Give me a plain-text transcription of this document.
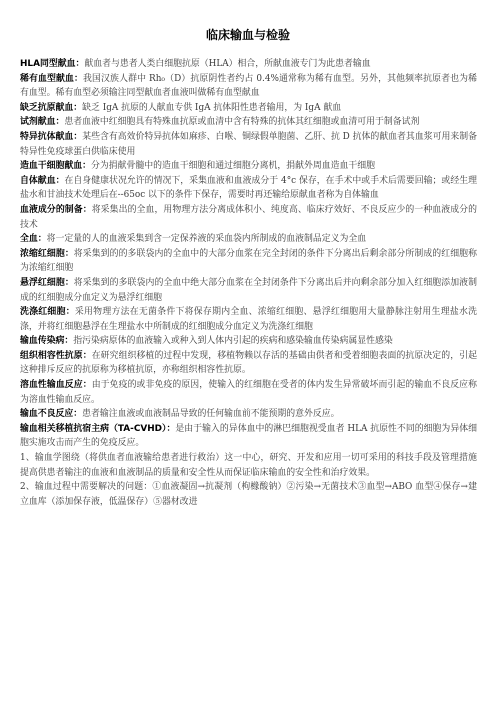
临床输血与检验

HLA同型献血：献血者与患者人类白细胞抗原（HLA）相合，所献血液专门为此患者输血

稀有血型献血：我国汉族人群中 Rh₀（D）抗原阴性者约占 0.4%通常称为稀有血型。另外，其他频率抗原者也为稀有血型。稀有血型必须输注同型献血者血液叫做稀有血型献血

缺乏抗原献血：缺乏 IgA 抗原的人献血专供 IgA 抗体阳性患者输用，为 IgA 献血

试剂献血：患者血液中红细胞具有特殊血抗原或血清中含有特殊的抗体其红细胞或血清可用于制备试剂

特异抗体献血：某些含有高效价特异抗体如麻疹、白喉、铜绿假单胞菌、乙肝、抗 D 抗体的献血者其血浆可用来制备特异性免疫球蛋白供临床使用

造血干细胞献血：分为捐献骨髓中的造血干细胞和通过细胞分离机，捐献外周血造血干细胞

自体献血：在自身健康状况允许的情况下，采集血液和血液成分于 4°c 保存，在手术中或手术后需要回输；或经生理盐水和甘油技术处理后在--65oc 以下的条件下保存，需要时再还输给原献血者称为自体输血

血液成分的制备：将采集出的全血，用物理方法分离成体积小、纯度高、临床疗效好、不良反应少的一种血液成分的技术

全血：将一定量的人的血液采集到含一定保养液的采血袋内所制成的血液制品定义为全血

浓缩红细胞：将采集到的的多联袋内的全血中的大部分血浆在完全封闭的条件下分离出后剩余部分所制成的红细胞称为浓缩红细胞

悬浮红细胞：将采集到的多联袋内的全血中绝大部分血浆在全封闭条件下分离出后并向剩余部分加入红细胞添加液制成的红细胞成分血定义为悬浮红细胞

洗涤红细胞：采用物理方法在无菌条件下将保存期内全血、浓缩红细胞、悬浮红细胞用大量静脉注射用生理盐水洗涤，并将红细胞悬浮在生理盐水中所制成的红细胞成分血定义为洗涤红细胞

输血传染病：指污染病原体的血液输入或种入到人体内引起的疾病和感染输血传染病属显性感染

组织相容性抗原：在研究组织移植的过程中发现，移植物赖以存活的基础由供者和受着细胞表面的抗原决定的，引起这种排斥反应的抗原称为移植抗原，亦称组织相容性抗原。

溶血性输血反应：由于免疫的或非免疫的原因，使输入的红细胞在受者的体内发生异常破坏而引起的输血不良反应称为溶血性输血反应。

输血不良反应：患者输注血液或血液制品导致的任何输血前不能预期的意外反应。

输血相关移植抗宿主病（TA-CVHD）：是由于输入的异体血中的淋巴细胞视受血者 HLA 抗原性不同的细胞为异体细胞实施攻击而产生的免疫反应。

1、输血学图绕（将供血者血液输给患者进行救治）这一中心，研究、开发和应用一切可采用的科技手段及管理措施提高供患者输注的血液和血液制品的质量和安全性从而保证临床输血的安全性和治疗效果。

2、输血过程中需要解决的问题：①血液凝固→抗凝剂（枸橼酸钠）②污染→无菌技术③血型→ABO 血型④保存→建立血库（添加保存液，低温保存）⑤器材改进
